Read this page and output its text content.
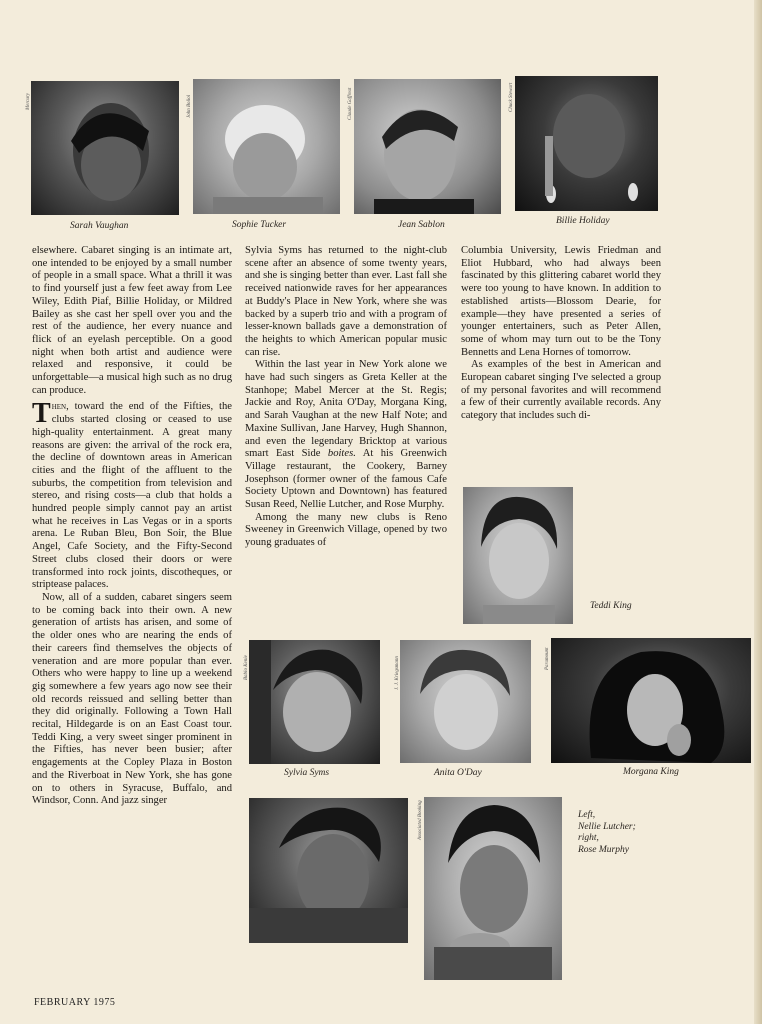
Mercury	John Boliol	Claude Gaffreat	Chuck Stewart
Sarah Vaughan	Sophie Tucker	Jean Sablon	Billie Holiday

elsewhere. Cabaret singing is an intimate art, one intended to be enjoyed by a small number of people in a small space. What a thrill it was to find yourself just a few feet away from Lee Wiley, Edith Piaf, Billie Holiday, or Mildred Bailey as she cast her spell over you and the rest of the audience, her every nuance and flick of an eyelash perceptible. On a good night when both artist and audience were relaxed and responsive, it could be unforgettable—a musical high such as no drug can produce.

Then, toward the end of the Fifties, the clubs started closing or ceased to use high-quality entertainment. A great many reasons are given: the arrival of the rock era, the decline of downtown areas in American cities and the flight of the affluent to the suburbs, the competition from television and stereo, and rising costs—a club that holds a hundred people simply cannot pay an artist what he receives in Las Vegas or in a sports arena. Le Ruban Bleu, Bon Soir, the Blue Angel, Cafe Society, and the Fifty-Second Street clubs closed their doors or were transformed into rock joints, discotheques, or striptease palaces.

Now, all of a sudden, cabaret singers seem to be coming back into their own. A new generation of artists has arisen, and some of the older ones who are nearing the ends of their careers find themselves the objects of veneration and are more popular than ever. Others who were happy to line up a weekend gig somewhere a few years ago now see their old records reissued and selling better than they did originally. Following a Town Hall recital, Hildegarde is on an East Coast tour. Teddi King, a very sweet singer prominent in the Fifties, has never been busier; after engagements at the Copley Plaza in Boston and the Riverboat in New York, she has gone on to others in Syracuse, Buffalo, and Windsor, Conn. And jazz singer

Sylvia Syms has returned to the night-club scene after an absence of some twenty years, and she is singing better than ever. Last fall she received nationwide raves for her appearances at Buddy's Place in New York, where she was backed by a superb trio and with a program of lesser-known ballads gave a demonstration of the heights to which American popular music can rise.

Within the last year in New York alone we have had such singers as Greta Keller at the Stanhope; Mabel Mercer at the St. Regis; Jackie and Roy, Anita O'Day, Morgana King, and Sarah Vaughan at the new Half Note; and Maxine Sullivan, Jane Harvey, Hugh Shannon, and even the legendary Bricktop at various smart East Side boites. At his Greenwich Village restaurant, the Cookery, Barney Josephson (former owner of the famous Cafe Society Uptown and Downtown) has featured Susan Reed, Nellie Lutcher, and Rose Murphy.

Among the many new clubs is Reno Sweeney in Greenwich Village, opened by two young graduates of

Columbia University, Lewis Friedman and Eliot Hubbard, who had always been fascinated by this glittering cabaret world they were too young to have known. In addition to established artists—Blossom Dearie, for example—they have presented a series of younger entertainers, such as Peter Allen, some of whom may turn out to be the Tony Bennetts and Lena Hornes of tomorrow.

As examples of the best in American and European cabaret singing I've selected a group of my personal favorites and will recommend a few of their currently available records. Any category that includes such di-

Teddi King
Bablo Kenie	J. J. Kriegsmann	Paramount
Sylvia Syms	Anita O'Day	Morgana King
Associated Booking	Left,
Nellie Lutcher;
right,
Rose Murphy
FEBRUARY 1975
